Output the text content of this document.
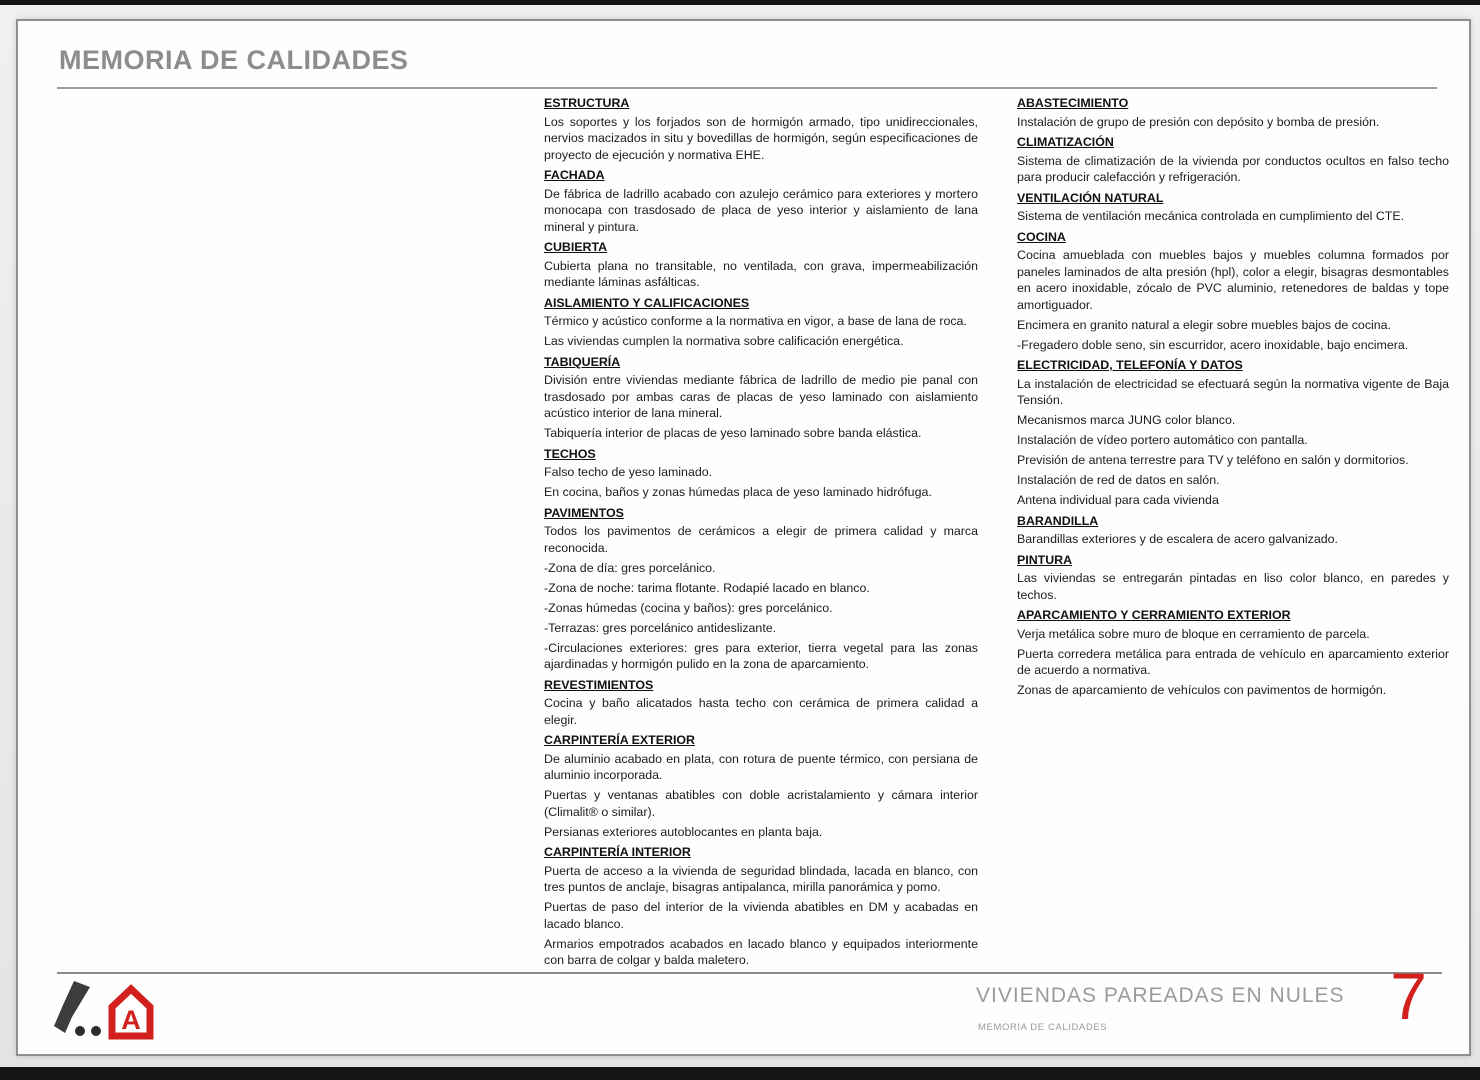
MEMORIA DE CALIDADES
ESTRUCTURA

Los soportes y los forjados son de hormigón armado, tipo unidireccionales, nervios macizados in situ y bovedillas de hormigón, según especificaciones de proyecto de ejecución y normativa EHE.

FACHADA

De fábrica de ladrillo acabado con azulejo cerámico para exteriores y mortero monocapa con trasdosado de placa de yeso interior y aislamiento de lana mineral y pintura.

CUBIERTA

Cubierta plana no transitable, no ventilada, con grava, impermeabilización mediante láminas asfálticas.

AISLAMIENTO Y CALIFICACIONES

Térmico y acústico conforme a la normativa en vigor, a base de lana de roca.

Las viviendas cumplen la normativa sobre calificación energética.

TABIQUERÍA

División entre viviendas mediante fábrica de ladrillo de medio pie panal con trasdosado por ambas caras de placas de yeso laminado con aislamiento acústico interior de lana mineral.

Tabiquería interior de placas de yeso laminado sobre banda elástica.

TECHOS

Falso techo de yeso laminado.

En cocina, baños y zonas húmedas placa de yeso laminado hidrófuga.

PAVIMENTOS

Todos los pavimentos de cerámicos a elegir de primera calidad y marca reconocida.

-Zona de día: gres porcelánico.

-Zona de noche: tarima flotante. Rodapié lacado en blanco.

-Zonas húmedas (cocina y baños): gres porcelánico.

-Terrazas: gres porcelánico antideslizante.

-Circulaciones exteriores: gres para exterior, tierra vegetal para las zonas ajardinadas y hormigón pulido en la zona de aparcamiento.

REVESTIMIENTOS

Cocina y baño alicatados hasta techo con cerámica de primera calidad a elegir.

CARPINTERÍA EXTERIOR

De aluminio acabado en plata, con rotura de puente térmico, con persiana de aluminio incorporada.

Puertas y ventanas abatibles con doble acristalamiento y cámara interior (Climalit® o similar).

Persianas exteriores autoblocantes en planta baja.

CARPINTERÍA INTERIOR

Puerta de acceso a la vivienda de seguridad blindada, lacada en blanco, con tres puntos de anclaje, bisagras antipalanca, mirilla panorámica y pomo.

Puertas de paso del interior de la vivienda abatibles en DM y acabadas en lacado blanco.

Armarios empotrados acabados en lacado blanco y equipados interiormente con barra de colgar y balda maletero.

ABASTECIMIENTO

Instalación de grupo de presión con depósito y bomba de presión.

CLIMATIZACIÓN

Sistema de climatización de la vivienda por conductos ocultos en falso techo para producir calefacción y refrigeración.

VENTILACIÓN NATURAL

Sistema de ventilación mecánica controlada en cumplimiento del CTE.

COCINA

Cocina amueblada con muebles bajos y muebles columna formados por paneles laminados de alta presión (hpl), color a elegir, bisagras desmontables en acero inoxidable, zócalo de PVC aluminio, retenedores de baldas y tope amortiguador.

Encimera en granito natural a elegir sobre muebles bajos de cocina.

-Fregadero doble seno, sin escurridor, acero inoxidable, bajo encimera.

ELECTRICIDAD, TELEFONÍA Y DATOS

La instalación de electricidad se efectuará según la normativa vigente de Baja Tensión.

Mecanismos marca JUNG color blanco.

Instalación de vídeo portero automático con pantalla.

Previsión de antena terrestre para TV y teléfono en salón y dormitorios.

Instalación de red de datos en salón.

Antena individual para cada vivienda

BARANDILLA

Barandillas exteriores y de escalera de acero galvanizado.

PINTURA

Las viviendas se entregarán pintadas en liso color blanco, en paredes y techos.

APARCAMIENTO Y CERRAMIENTO EXTERIOR

Verja metálica sobre muro de bloque en cerramiento de parcela.

Puerta corredera metálica para entrada de vehículo en aparcamiento exterior de acuerdo a normativa.

Zonas de aparcamiento de vehículos con pavimentos de hormigón.

A

VIVIENDAS PAREADAS EN NULES

MEMORIA DE CALIDADES	7
